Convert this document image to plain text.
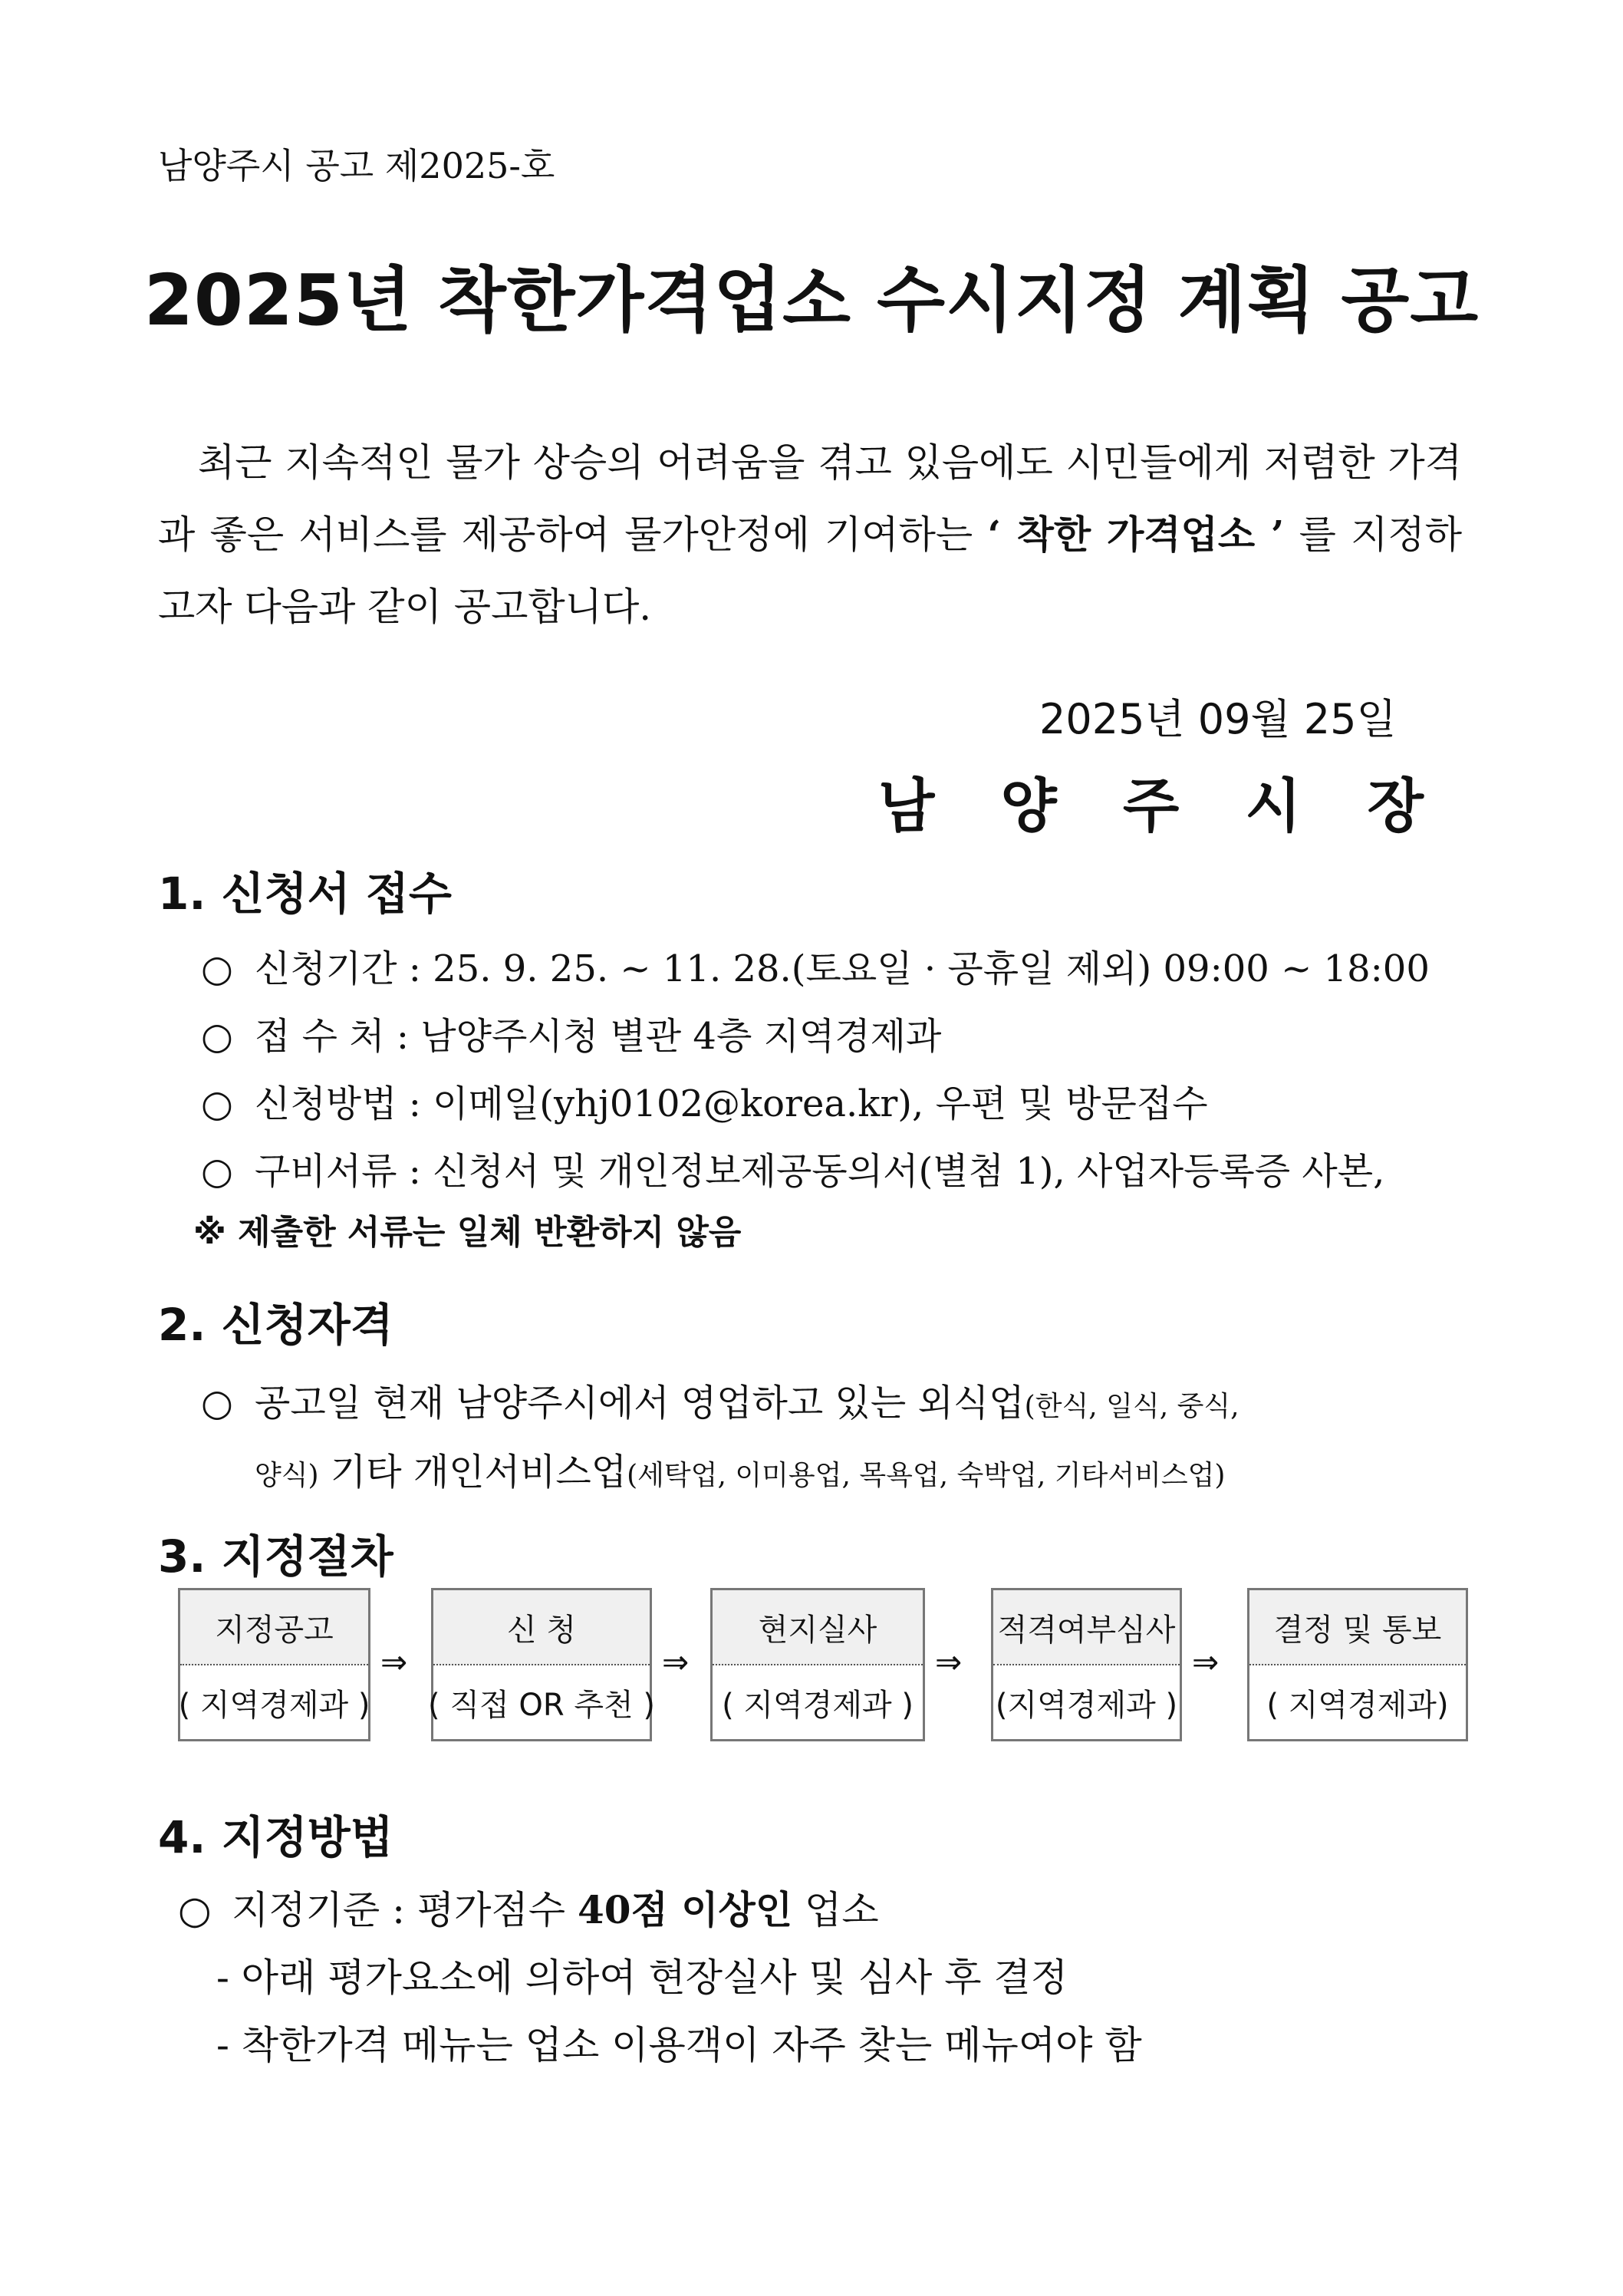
남양주시 공고 제2025-호
2025년 착한가격업소 수시지정 계획 공고
최근 지속적인 물가 상승의 어려움을 겪고 있음에도 시민들에게 저렴한 가격과 좋은 서비스를 제공하여 물가안정에 기여하는 ‘ 착한 가격업소 ’ 를 지정하고자 다음과 같이 공고합니다.
2025년 09월 25일
남양주시장
1. 신청서 접수
○ 신청기간 : 25. 9. 25. ~ 11. 28.(토요일 · 공휴일 제외) 09:00 ~ 18:00
○ 접 수 처 : 남양주시청 별관 4층 지역경제과
○ 신청방법 : 이메일(yhj0102@korea.kr), 우편 및 방문접수
○ 구비서류 : 신청서 및 개인정보제공동의서(별첨 1), 사업자등록증 사본,
※ 제출한 서류는 일체 반환하지 않음
2. 신청자격
○ 공고일 현재 남양주시에서 영업하고 있는 외식업(한식, 일식, 중식,
양식) 기타 개인서비스업(세탁업, 이미용업, 목욕업, 숙박업, 기타서비스업)
3. 지정절차
지정공고
( 지역경제과 )
⇒
신 청
( 직접 OR 추천 )
⇒
현지실사
( 지역경제과 )
⇒
적격여부심사
(지역경제과 )
⇒
결정 및 통보
( 지역경제과)
4. 지정방법
○ 지정기준 : 평가점수 40점 이상인 업소
- 아래 평가요소에 의하여 현장실사 및 심사 후 결정
- 착한가격 메뉴는 업소 이용객이 자주 찾는 메뉴여야 함
